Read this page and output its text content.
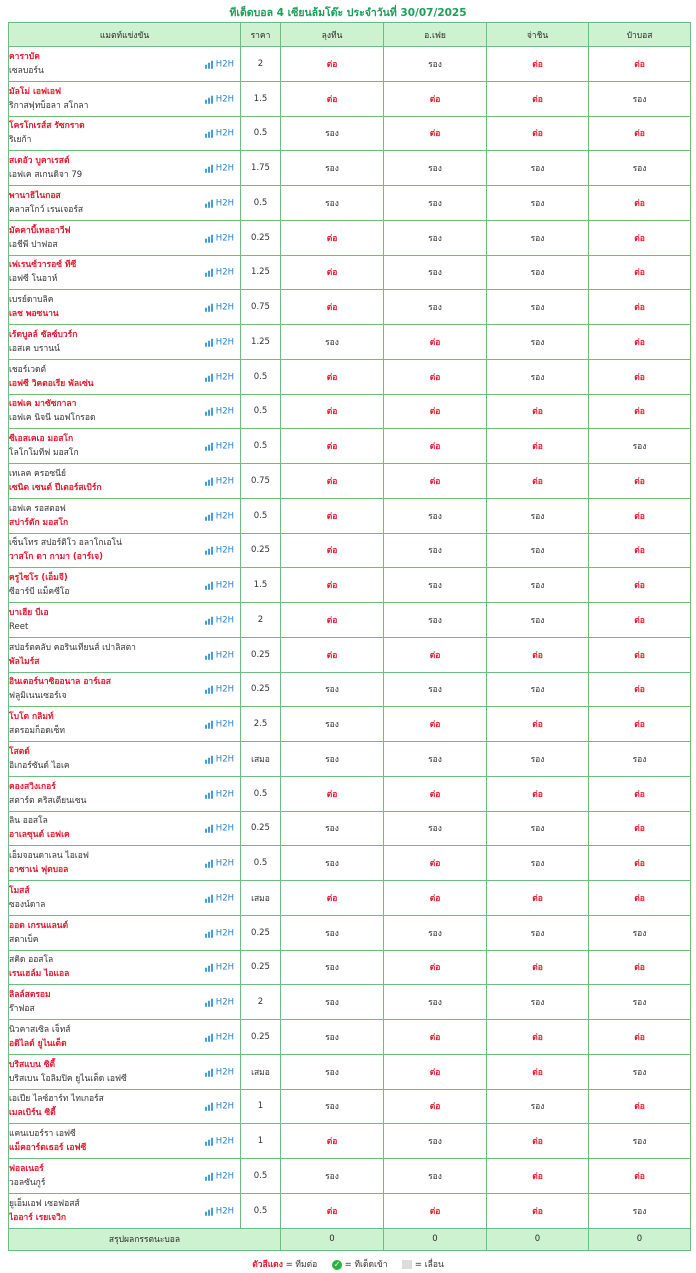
ทีเด็ดบอล 4 เซียนล้มโต๊ะ ประจำวันที่ 30/07/2025
แมตท์แข่งขัน	ราคา	ลุงทีน	อ.เฟย	จ่าชิน	ป๋าบอส

คาราบัค
เซลบอร์น
H2H	2	ต่อ	รอง	ต่อ	ต่อ

มัลโม่ เอฟเอฟ
ริกาสฟุทบ็อลา สโกลา
H2H	1.5	ต่อ	ต่อ	ต่อ	รอง

โครโกเรส์ส รัซกราด
ริเยก้า
H2H	0.5	รอง	ต่อ	ต่อ	ต่อ

สเตอัว บูคาเรสต์
เอฟเค สเกนดิจา 79
H2H	1.75	รอง	รอง	รอง	รอง

พานาธิไนกอส
คลาสโกว์ เรนเจอร์ส
H2H	0.5	รอง	รอง	รอง	ต่อ

มัคคาบี้เทลอาวีฟ
เอชีพี ปาฟอส
H2H	0.25	ต่อ	รอง	รอง	ต่อ

เฟเรนซ์วารอซ์ ทีซี
เอฟซี โนอาห์
H2H	1.25	ต่อ	รอง	รอง	ต่อ

เบรย์ดาบลิค
เลช พอซนาน
H2H	0.75	ต่อ	รอง	รอง	ต่อ

เร้ดบูลล์ ซัลซ์บวร์ก
เอสเค บรานน์
H2H	1.25	รอง	ต่อ	รอง	ต่อ

เชอร์เวดต์
เอฟซี วิคตอเรีย พัลเซ่น
H2H	0.5	ต่อ	ต่อ	รอง	ต่อ

เอฟเค มาซัซกาลา
เอฟเค นิจนี นอฟโกรอด
H2H	0.5	ต่อ	ต่อ	ต่อ	ต่อ

ซีเอสเคเอ มอสโก
โลโกโมทีฟ มอสโก
H2H	0.5	ต่อ	ต่อ	ต่อ	รอง

เทเลค ครอซนีย์
เซนิต เซนต์ ปีเตอร์สเบิร์ก
H2H	0.75	ต่อ	ต่อ	ต่อ	ต่อ

เอฟเค รอสตอฟ
สปาร์ตัก มอสโก
H2H	0.5	ต่อ	รอง	รอง	ต่อ

เซ็นโทร สปอร์ติโว อลาโกเอโน่
วาสโก ดา กามา (อาร์เจ)
H2H	0.25	ต่อ	รอง	รอง	ต่อ

ครูไซโร (เอ็มจี)
ซีอาร์บี แม็คซีโอ
H2H	1.5	ต่อ	รอง	รอง	ต่อ

บาเฮีย บีเอ
Reet
H2H	2	ต่อ	รอง	รอง	ต่อ

สปอร์ตคลับ คอรินเทียนส์ เปาลิสตา
พัลไมร์ส
H2H	0.25	ต่อ	ต่อ	ต่อ	ต่อ

อินเตอร์นาซิออนาล อาร์เอส
ฟลูมิเนนเซอร์เจ
H2H	0.25	รอง	รอง	รอง	ต่อ

โบโต กลิมท์
สตรอมก็อดเซ็ท
H2H	2.5	รอง	ต่อ	ต่อ	ต่อ

โสตด์
อิเกอร์ซันด์ ไอเค
H2H	เสมอ	รอง	รอง	รอง	รอง

คองสวิงเกอร์
สตาร์ต คริสเตียนเซน
H2H	0.5	ต่อ	ต่อ	ต่อ	ต่อ

ลิน ออสโล
อาเลซุนด์ เอฟเค
H2H	0.25	รอง	รอง	รอง	ต่อ

เอ็มจอนดาเลน ไอเอฟ
อาซาเน่ ฟุตบอล
H2H	0.5	รอง	ต่อ	รอง	ต่อ

โมสส์
ซองน์ดาล
H2H	เสมอ	ต่อ	ต่อ	ต่อ	ต่อ

ออด เกรนแลนด์
สตาเบ็ค
H2H	0.25	รอง	รอง	รอง	รอง

สคิด ออสโล
เรนเฮล์ม ไอแอล
H2H	0.25	รอง	ต่อ	ต่อ	ต่อ

ลิลล์สตรอม
ร๊าฟอส
H2H	2	รอง	รอง	รอง	รอง

นิวคาสเซิล เจ็ทส์
อดิไลด์ ยูไนเต็ด
H2H	0.25	รอง	ต่อ	ต่อ	ต่อ

บริสแบน ซิตี้
บริสเบน โอลิมปิค ยูไนเต็ด เอฟซี
H2H	เสมอ	รอง	ต่อ	ต่อ	รอง

เอเปีย ไลซ์ฮาร์ท ไทเกอร์ส
เมลเบิร์น ซิตี้
H2H	1	รอง	ต่อ	รอง	ต่อ

แคนเบอร์รา เอฟซี
แม็คอาร์ตเธอร์ เอฟซี
H2H	1	ต่อ	รอง	ต่อ	รอง

ฟอลเนอร์
วอลซันกูร์
H2H	0.5	รอง	รอง	ต่อ	ต่อ

ยูเอ็มเอฟ เซอฟอสส์
ไออาร์ เรยเจวิก
H2H	0.5	ต่อ	ต่อ	ต่อ	รอง
สรุปผลกรรตนะบอล		0	0	0	0
ตัวสีแดง = ทีมต่อ ✓ = ทีเด็ดเข้า	= เลื่อน
